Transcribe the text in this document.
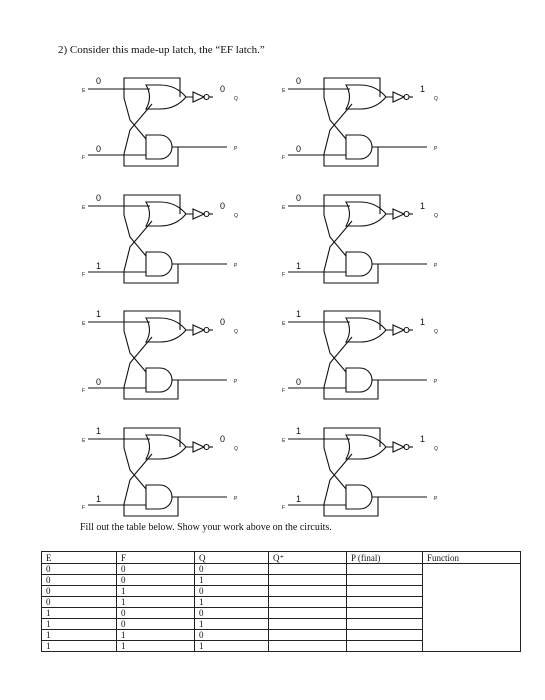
2) Consider this made-up latch, the “EF latch.”
E
F
Q
P
0
0
0	E
F
Q
P
0
0
1
E
F
Q
P
0
1
0	E
F
Q
P
0
1
1
E
F
Q
P
1
0
0	E
F
Q
P
1
0
1
E
F
Q
P
1
1
0	E
F
Q
P
1
1
1

Fill out the table below. Show your work above on the circuits.

E	F	Q	Q⁺	P (final)	Function
0	0	0			
0	0	1			
0	1	0			
0	1	1			
1	0	0			
1	0	1			
1	1	0			
1	1	1			
